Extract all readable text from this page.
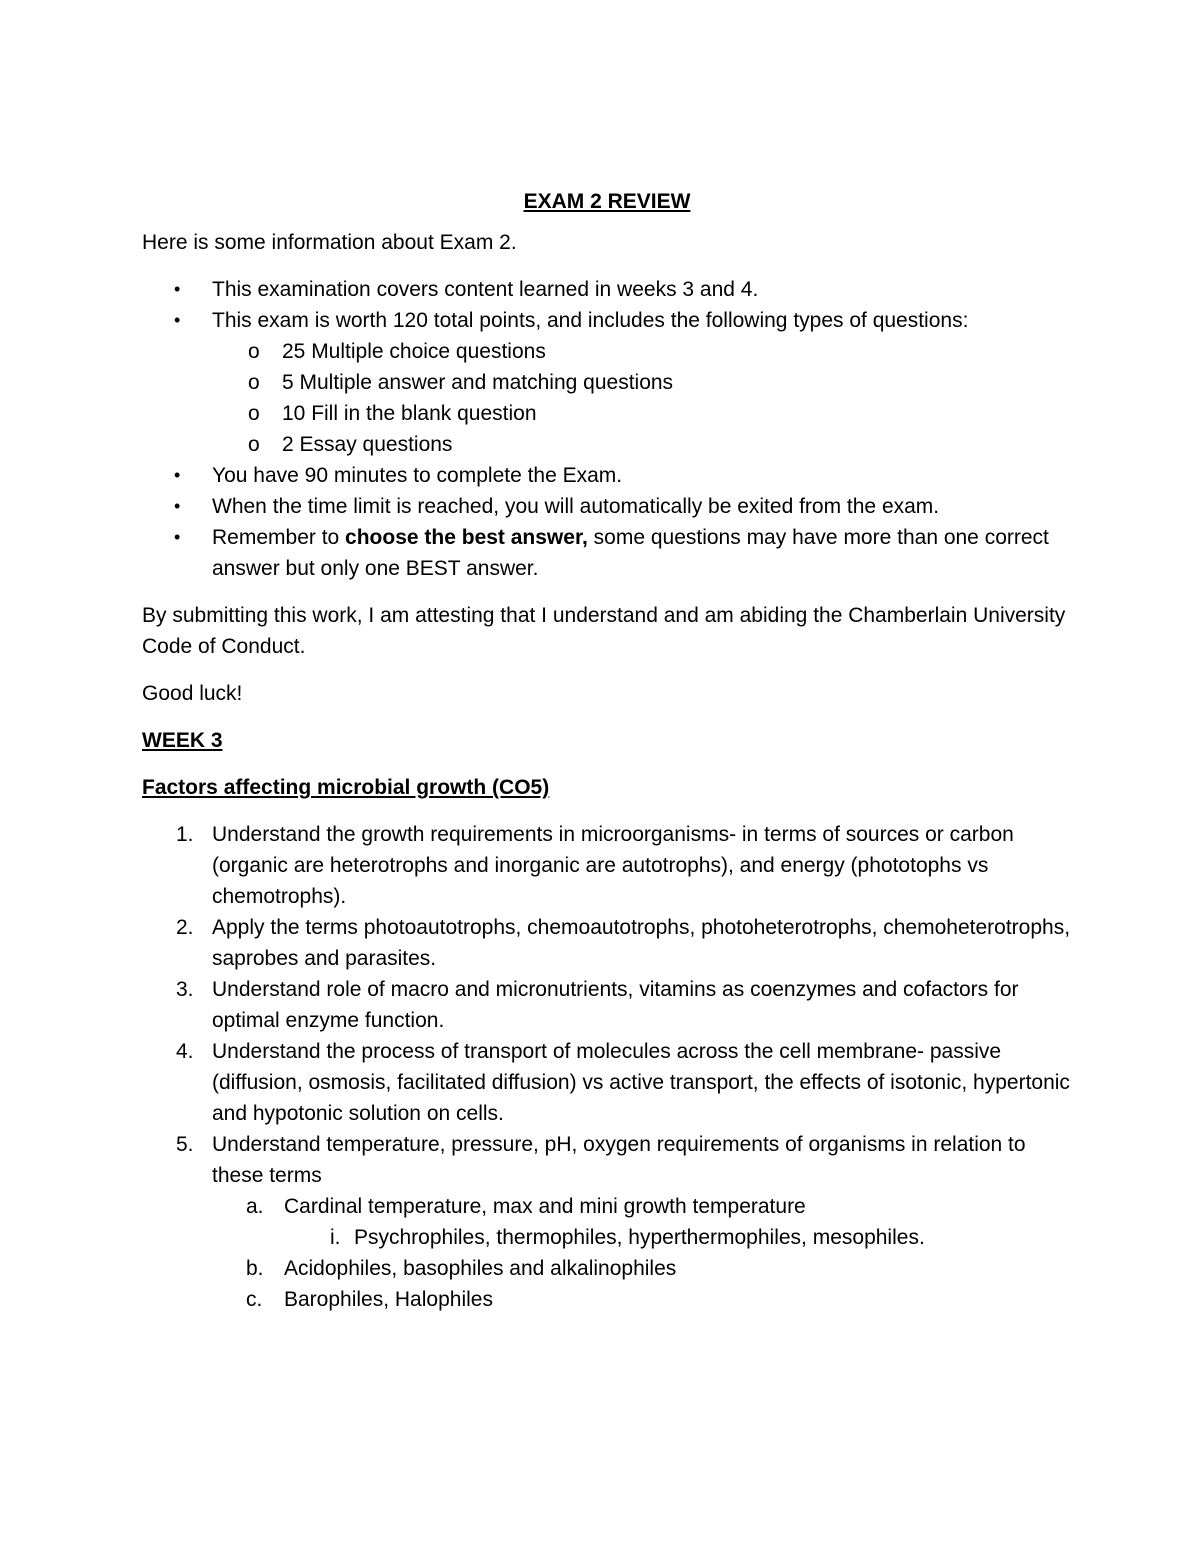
EXAM 2 REVIEW

Here is some information about Exam 2.

• This examination covers content learned in weeks 3 and 4.
• This exam is worth 120 total points, and includes the following types of questions:
o 25 Multiple choice questions
o 5 Multiple answer and matching questions
o 10 Fill in the blank question
o 2 Essay questions
• You have 90 minutes to complete the Exam.
• When the time limit is reached, you will automatically be exited from the exam.
• Remember to choose the best answer, some questions may have more than one correct answer but only one BEST answer.

By submitting this work, I am attesting that I understand and am abiding the Chamberlain University Code of Conduct.

Good luck!

WEEK 3
Factors affecting microbial growth (CO5)
1. Understand the growth requirements in microorganisms- in terms of sources or carbon (organic are heterotrophs and inorganic are autotrophs), and energy (phototophs vs chemotrophs).
2. Apply the terms photoautotrophs, chemoautotrophs, photoheterotrophs, chemoheterotrophs, saprobes and parasites.
3. Understand role of macro and micronutrients, vitamins as coenzymes and cofactors for optimal enzyme function.
4. Understand the process of transport of molecules across the cell membrane- passive (diffusion, osmosis, facilitated diffusion) vs active transport, the effects of isotonic, hypertonic and hypotonic solution on cells.
5. Understand temperature, pressure, pH, oxygen requirements of organisms in relation to these terms
a. Cardinal temperature, max and mini growth temperature
i. Psychrophiles, thermophiles, hyperthermophiles, mesophiles.
b. Acidophiles, basophiles and alkalinophiles
c. Barophiles, Halophiles
